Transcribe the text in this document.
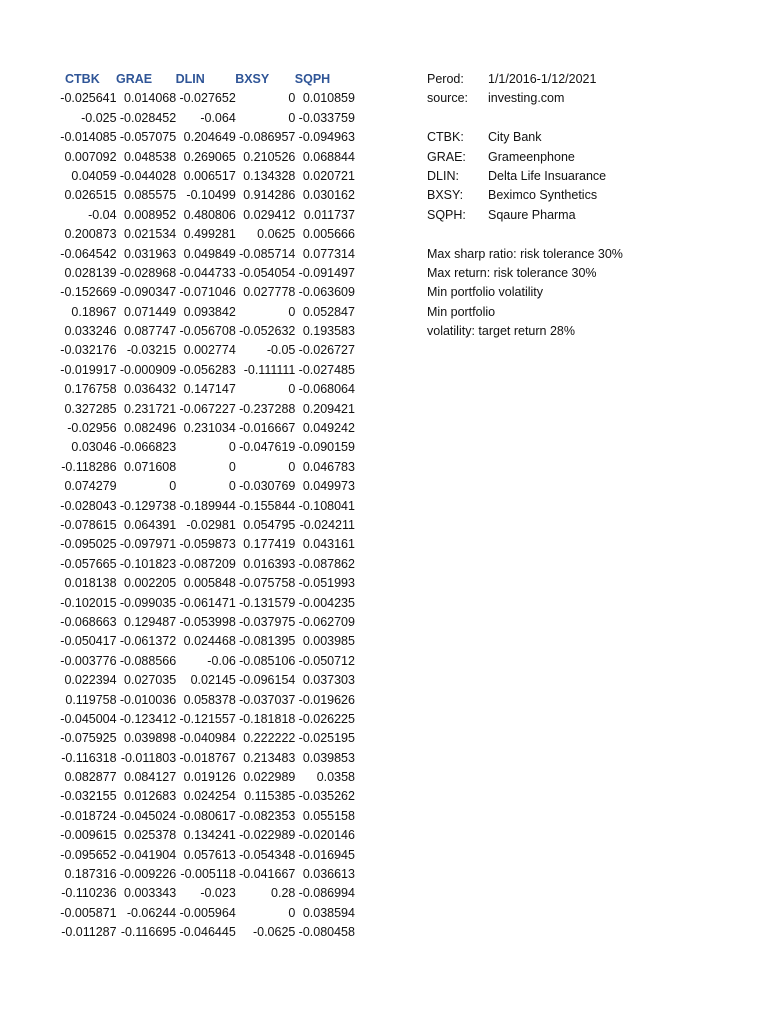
CTBK	GRAE	DLIN	BXSY	SQPH
-0.025641 0.014068 -0.027652	0 0.010859
-0.025 -0.028452	-0.064	0 -0.033759
-0.014085 -0.057075 0.204649 -0.086957 -0.094963
0.007092 0.048538 0.269065 0.210526 0.068844
0.04059 -0.044028 0.006517 0.134328 0.020721
0.026515 0.085575 -0.10499 0.914286 0.030162
-0.04 0.008952 0.480806 0.029412 0.011737
0.200873 0.021534 0.499281	0.0625 0.005666
-0.064542 0.031963 0.049849 -0.085714 0.077314
0.028139 -0.028968 -0.044733 -0.054054 -0.091497
-0.152669 -0.090347 -0.071046 0.027778 -0.063609
0.18967 0.071449 0.093842	0 0.052847
0.033246 0.087747 -0.056708 -0.052632 0.193583
-0.032176 -0.03215 0.002774	-0.05 -0.026727
-0.019917 -0.000909 -0.056283 -0.111111 -0.027485
0.176758 0.036432 0.147147	0 -0.068064
0.327285 0.231721 -0.067227 -0.237288 0.209421
-0.02956 0.082496 0.231034 -0.016667 0.049242
0.03046 -0.066823	0 -0.047619 -0.090159
-0.118286 0.071608	0	0 0.046783
0.074279	0	0 -0.030769 0.049973
-0.028043 -0.129738 -0.189944 -0.155844 -0.108041
-0.078615 0.064391 -0.02981 0.054795 -0.024211
-0.095025 -0.097971 -0.059873 0.177419 0.043161
-0.057665 -0.101823 -0.087209 0.016393 -0.087862
0.018138 0.002205 0.005848 -0.075758 -0.051993
-0.102015 -0.099035 -0.061471 -0.131579 -0.004235
-0.068663 0.129487 -0.053998 -0.037975 -0.062709
-0.050417 -0.061372 0.024468 -0.081395 0.003985
-0.003776 -0.088566	-0.06 -0.085106 -0.050712
0.022394 0.027035	0.02145 -0.096154 0.037303
0.119758 -0.010036 0.058378 -0.037037 -0.019626
-0.045004 -0.123412 -0.121557 -0.181818 -0.026225
-0.075925 0.039898 -0.040984 0.222222 -0.025195
-0.116318 -0.011803 -0.018767 0.213483 0.039853
0.082877 0.084127 0.019126 0.022989	0.0358
-0.032155 0.012683 0.024254 0.115385 -0.035262
-0.018724 -0.045024 -0.080617 -0.082353 0.055158
-0.009615 0.025378 0.134241 -0.022989 -0.020146
-0.095652 -0.041904 0.057613 -0.054348 -0.016945
0.187316 -0.009226 -0.005118 -0.041667 0.036613
-0.110236 0.003343	-0.023	0.28 -0.086994
-0.005871 -0.06244 -0.005964	0 0.038594
-0.011287 -0.116695 -0.046445	-0.0625 -0.080458
Perod:	1/1/2016-1/12/2021
source:	investing.com
CTBK:	City Bank
GRAE:	Grameenphone
DLIN:	Delta Life Insuarance
BXSY:	Beximco Synthetics
SQPH:	Sqaure Pharma
Max sharp ratio: risk tolerance 30%
Max return: risk tolerance 30%
Min portfolio volatility
Min portfolio
volatility: target return 28%
